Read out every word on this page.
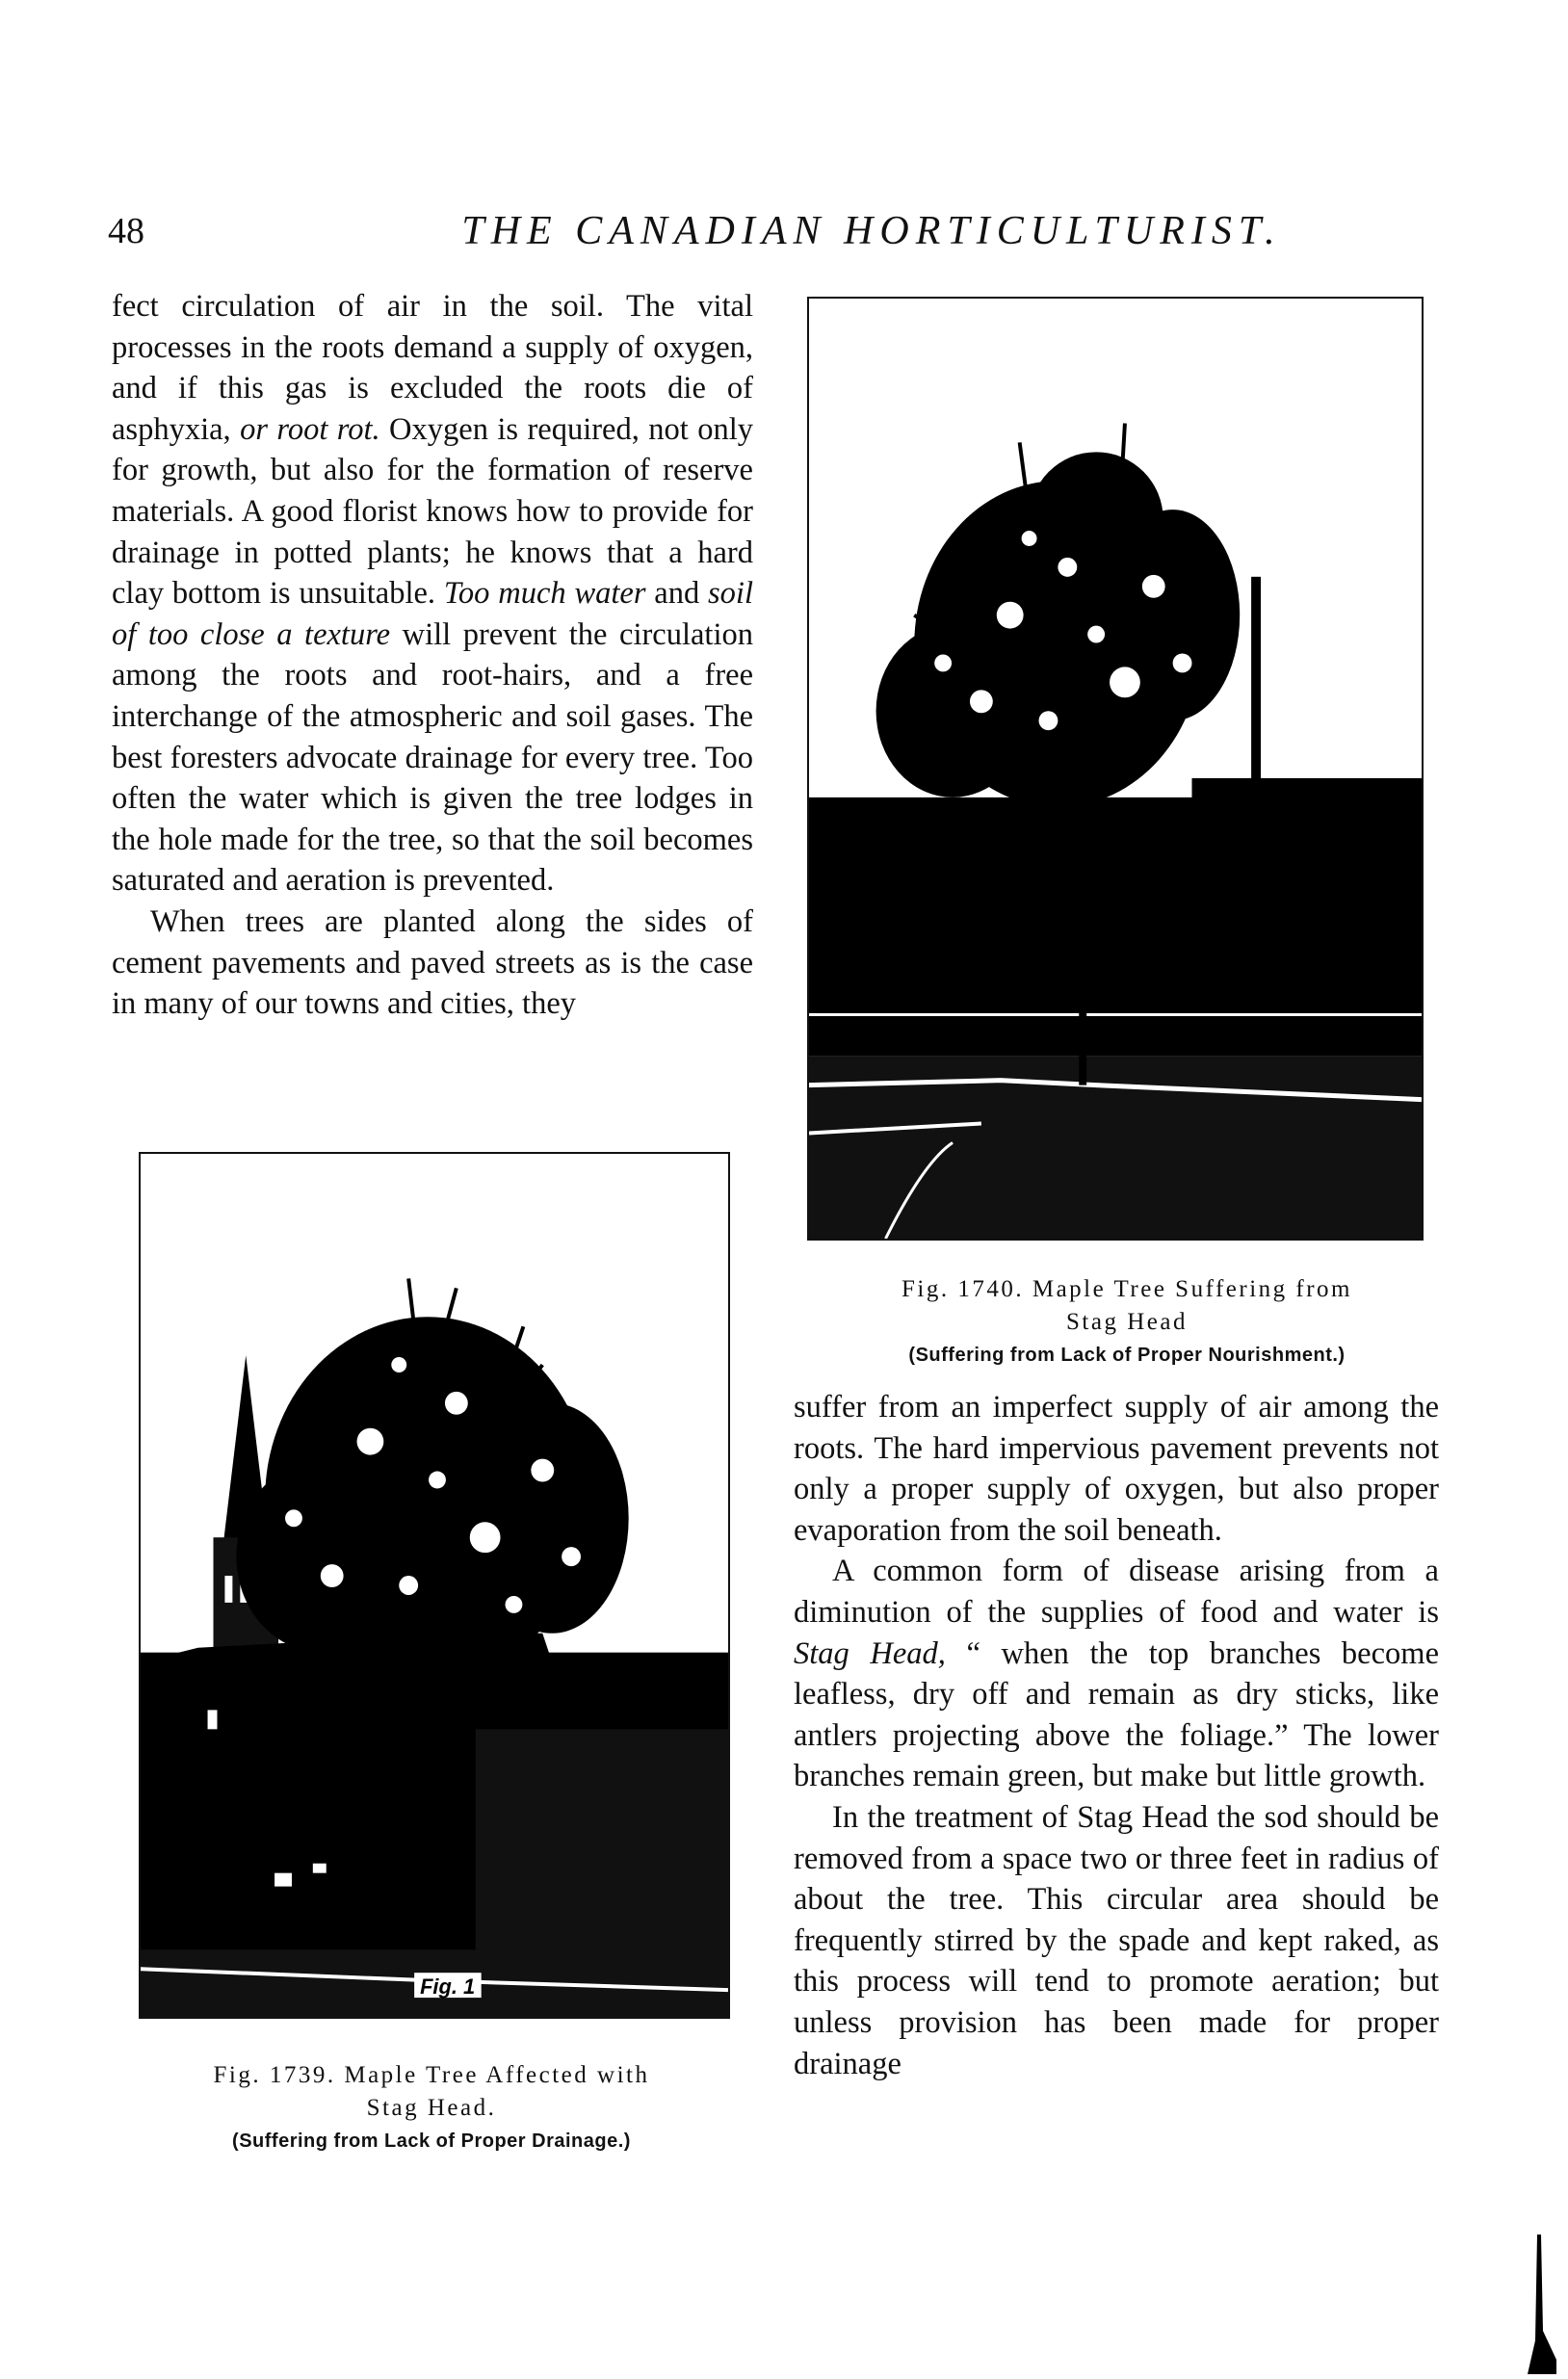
48	THE CANADIAN HORTICULTURIST.

fect circulation of air in the soil. The vital processes in the roots demand a supply of oxygen, and if this gas is excluded the roots die of asphyxia, or root rot. Oxygen is required, not only for growth, but also for the formation of reserve materials. A good florist knows how to provide for drainage in potted plants; he knows that a hard clay bottom is unsuitable. Too much water and soil of too close a texture will prevent the circulation among the roots and root-hairs, and a free interchange of the atmospheric and soil gases. The best foresters advocate drainage for every tree. Too often the water which is given the tree lodges in the hole made for the tree, so that the soil becomes saturated and aeration is prevented.

When trees are planted along the sides of cement pavements and paved streets as is the case in many of our towns and cities, they

Fig. 1740. Maple Tree Suffering from
Stag Head
(Suffering from Lack of Proper Nourishment.)
Fig. 1
Fig. 1739. Maple Tree Affected with
Stag Head.
(Suffering from Lack of Proper Drainage.)

suffer from an imperfect supply of air among the roots. The hard impervious pavement prevents not only a proper supply of oxygen, but also proper evaporation from the soil beneath.

A common form of disease arising from a diminution of the supplies of food and water is Stag Head, “ when the top branches become leafless, dry off and remain as dry sticks, like antlers projecting above the foliage.” The lower branches remain green, but make but little growth.

In the treatment of Stag Head the sod should be removed from a space two or three feet in radius of about the tree. This circular area should be frequently stirred by the spade and kept raked, as this process will tend to promote aeration; but unless provision has been made for proper drainage
